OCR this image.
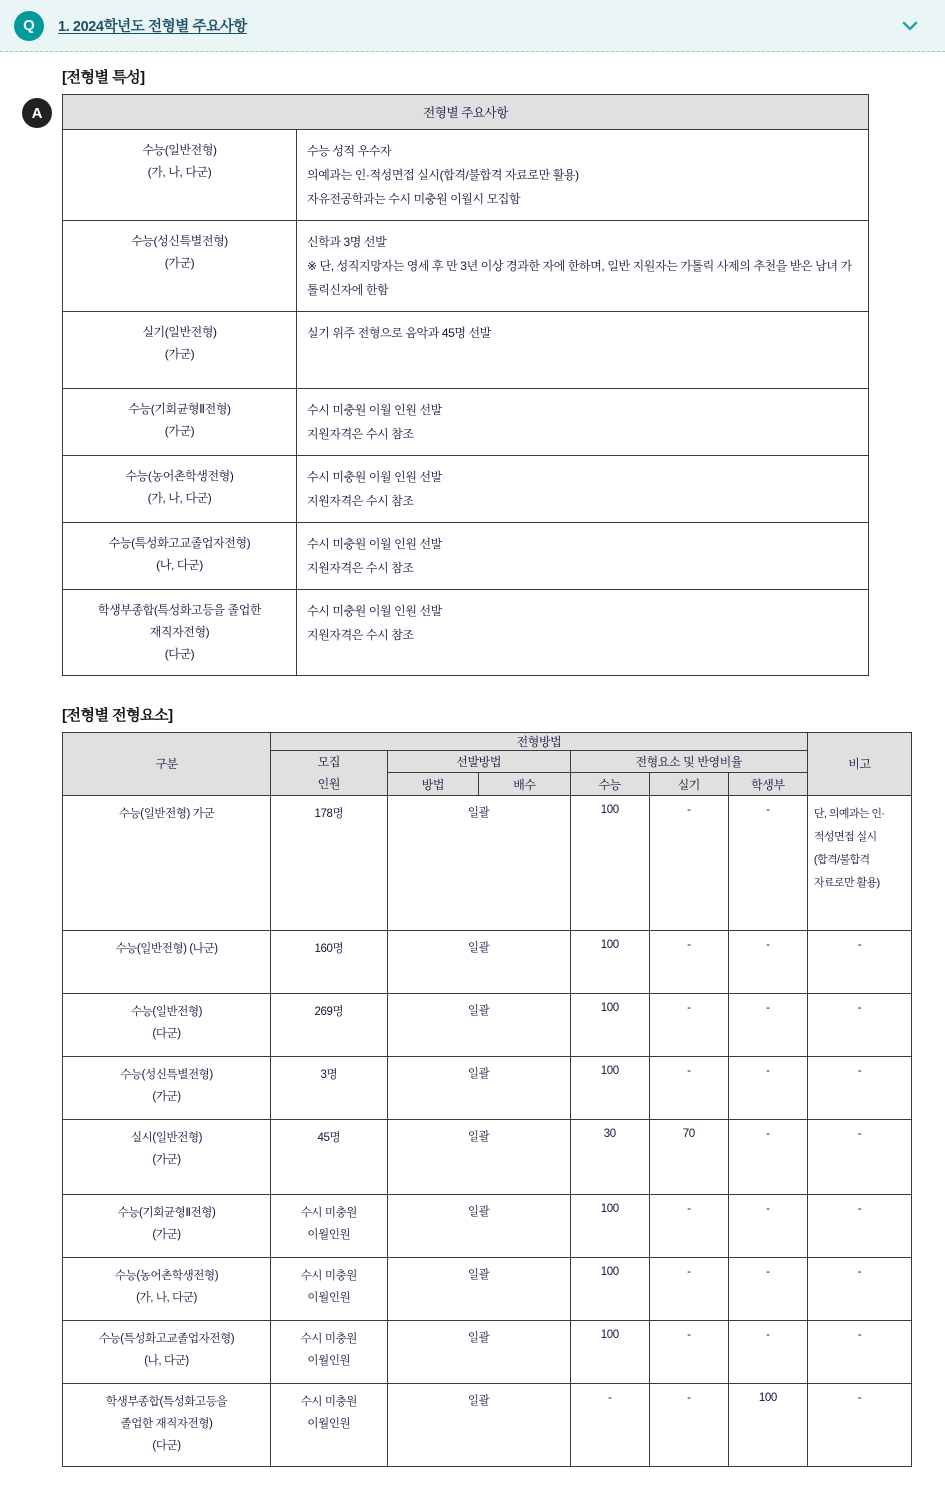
Q	1. 2024학년도 전형별 주요사항
A
[전형별 특성]
전형별 주요사항	

수능(일반전형)
(가, 나, 다군)	수능 성적 우수자
의예과는 인·적성면접 실시(합격/불합격 자료로만 활용)
자유전공학과는 수시 미충원 이월시 모집함

수능(성신특별전형)
(가군)	신학과 3명 선발
※ 단, 성직지망자는 영세 후 만 3년 이상 경과한 자에 한하며, 일반 지원자는 가톨릭 사제의 추천을 받은 남녀 가톨릭신자에 한함

실기(일반전형)
(가군)	실기 위주 전형으로 음악과 45명 선발

수능(기회균형Ⅱ전형)
(가군)	수시 미충원 이월 인원 선발
지원자격은 수시 참조

수능(농어촌학생전형)
(가, 나, 다군)	수시 미충원 이월 인원 선발
지원자격은 수시 참조

수능(특성화고교졸업자전형)
(나, 다군)	수시 미충원 이월 인원 선발
지원자격은 수시 참조

학생부종합(특성화고등을 졸업한
재직자전형)
(다군)	수시 미충원 이월 인원 선발
지원자격은 수시 참조
[전형별 전형요소]
구분	전형방법						비고

	모집
인원	선발방법		전형요소 및 반영비율			
		방법	배수	수능	실기	학생부	

수능(일반전형) 가군	178명	일괄		100	-	-	단, 의예과는 인·
적성면접 실시
(합격/불합격
자료로만 활용)

수능(일반전형) (나군)	160명	일괄		100	-	-	-

수능(일반전형)
(다군)	269명	일괄		100	-	-	-

수능(성신특별전형)
(가군)	3명	일괄		100	-	-	-

실시(일반전형)
(가군)	45명	일괄		30	70	-	-

수능(기회균형Ⅱ전형)
(가군)	수시 미충원
이월인원	일괄		100	-	-	-

수능(농어촌학생전형)
(가, 나, 다군)	수시 미충원
이월인원	일괄		100	-	-	-

수능(특성화고교졸업자전형)
(나, 다군)	수시 미충원
이월인원	일괄		100	-	-	-

학생부종합(특성화고등을
졸업한 재직자전형)
(다군)	수시 미충원
이월인원	일괄		-	-	100	-
